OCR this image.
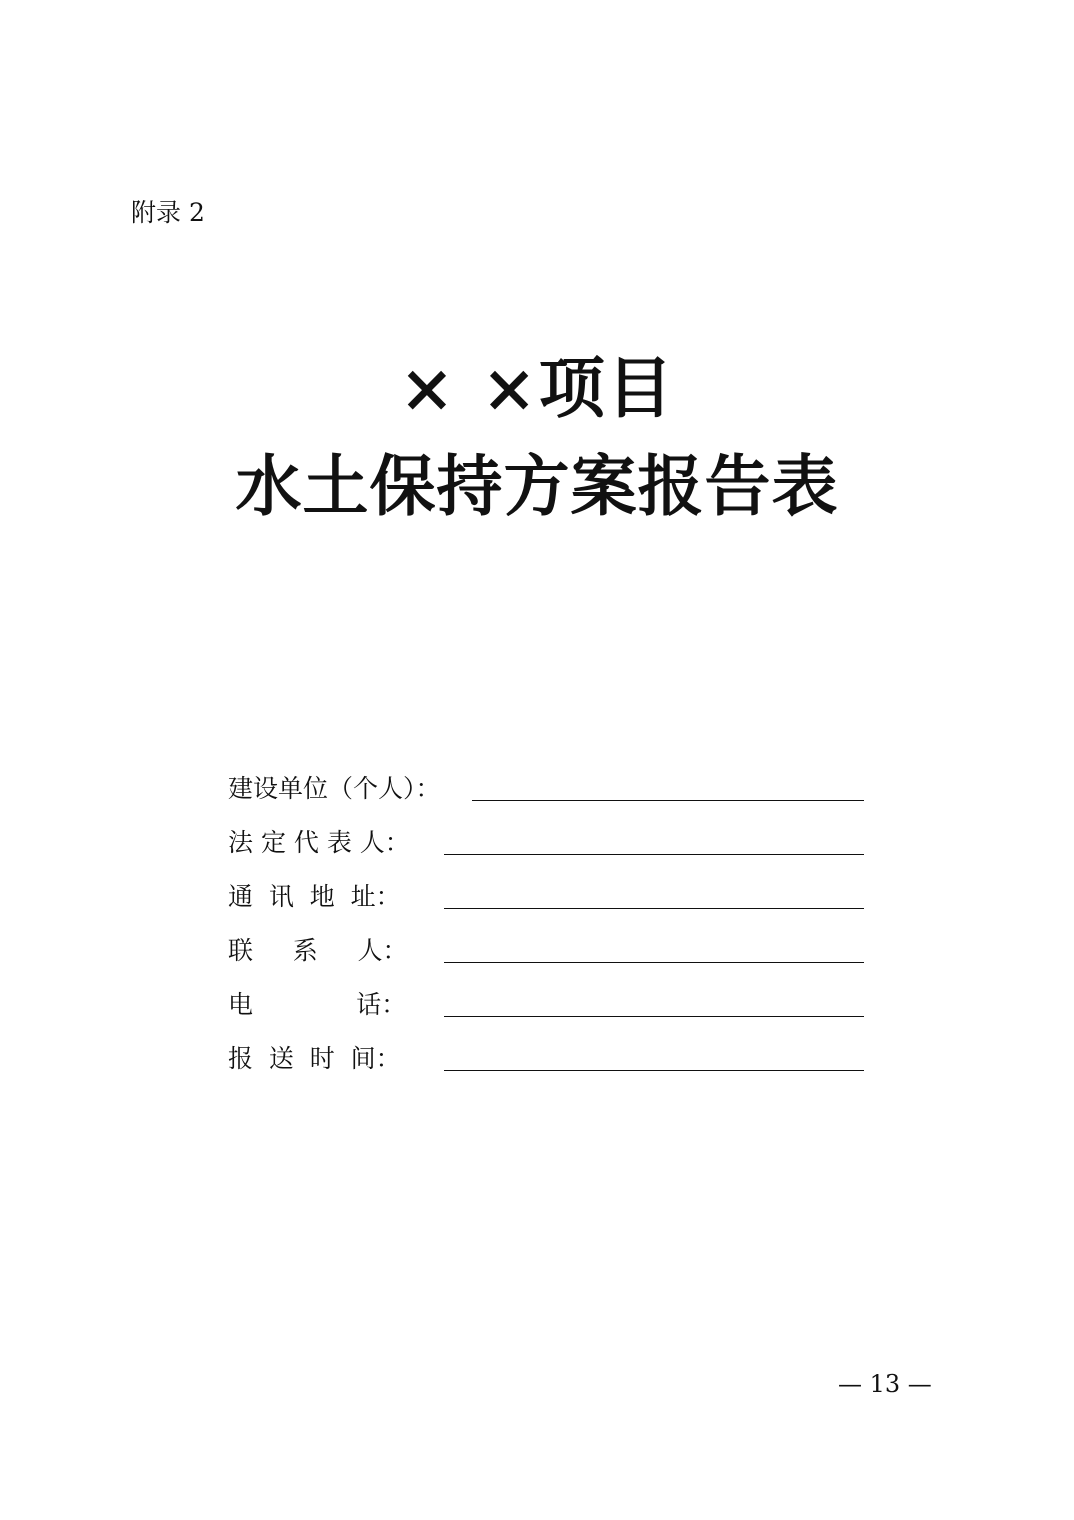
附录 2
× ×项目
水土保持方案报告表
建设单位（个人）：
法 定 代 表 人：
通  讯  地  址：
联     系     人：
电             话：
报  送  时  间：
— 13 —
